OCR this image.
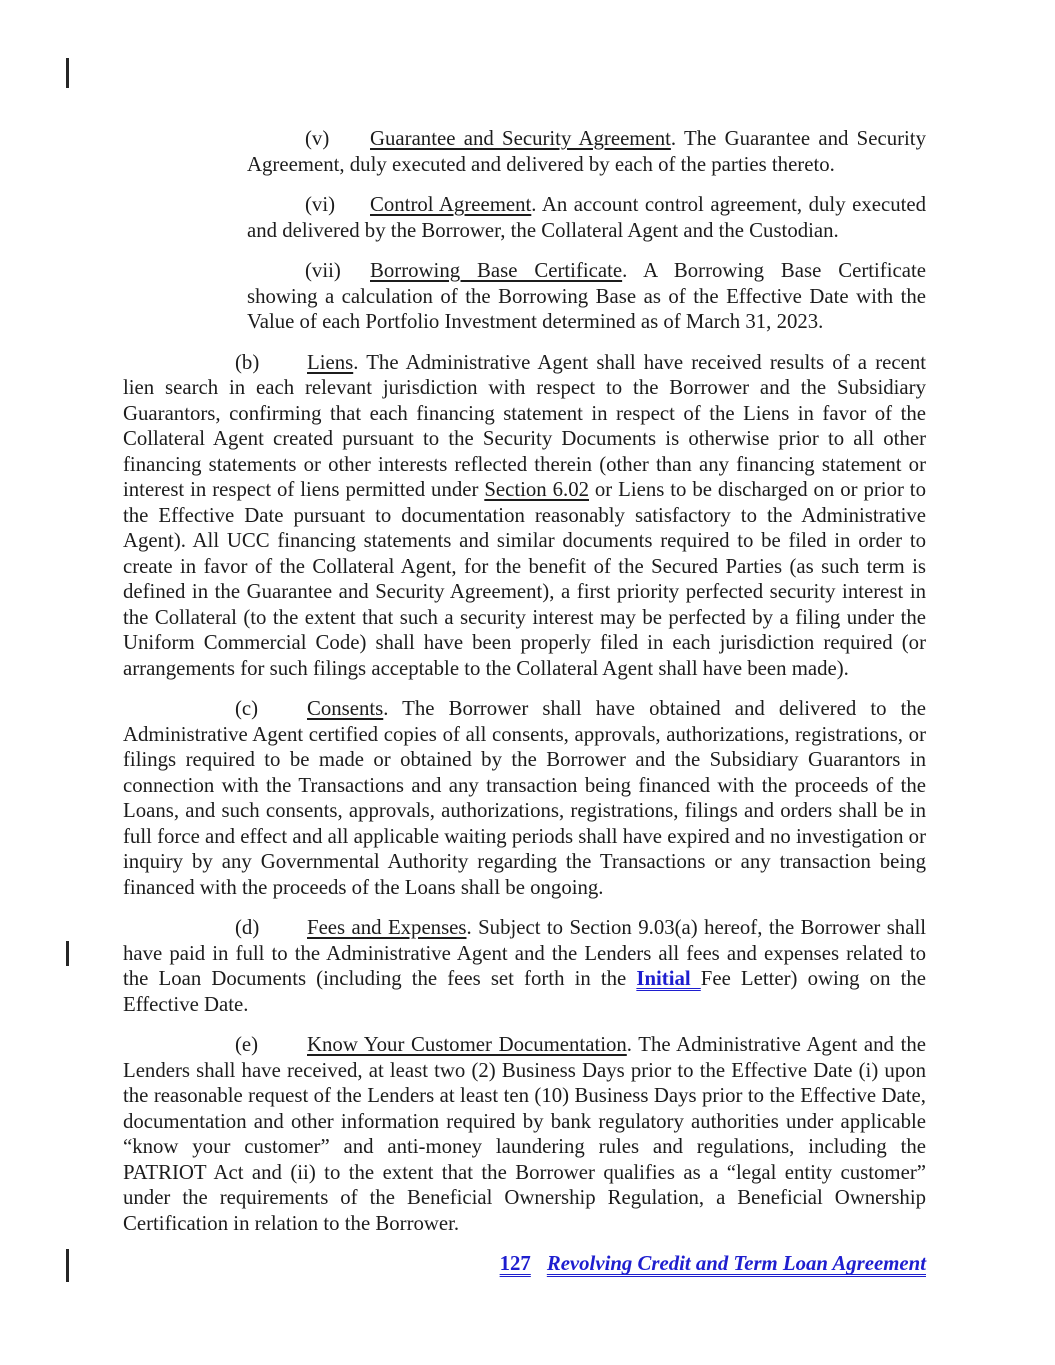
(v) Guarantee and Security Agreement. The Guarantee and Security Agreement, duly executed and delivered by each of the parties thereto.
(vi) Control Agreement. An account control agreement, duly executed and delivered by the Borrower, the Collateral Agent and the Custodian.
(vii) Borrowing Base Certificate. A Borrowing Base Certificate showing a calculation of the Borrowing Base as of the Effective Date with the Value of each Portfolio Investment determined as of March 31, 2023.
(b) Liens. The Administrative Agent shall have received results of a recent lien search in each relevant jurisdiction with respect to the Borrower and the Subsidiary Guarantors, confirming that each financing statement in respect of the Liens in favor of the Collateral Agent created pursuant to the Security Documents is otherwise prior to all other financing statements or other interests reflected therein (other than any financing statement or interest in respect of liens permitted under Section 6.02 or Liens to be discharged on or prior to the Effective Date pursuant to documentation reasonably satisfactory to the Administrative Agent). All UCC financing statements and similar documents required to be filed in order to create in favor of the Collateral Agent, for the benefit of the Secured Parties (as such term is defined in the Guarantee and Security Agreement), a first priority perfected security interest in the Collateral (to the extent that such a security interest may be perfected by a filing under the Uniform Commercial Code) shall have been properly filed in each jurisdiction required (or arrangements for such filings acceptable to the Collateral Agent shall have been made).
(c) Consents. The Borrower shall have obtained and delivered to the Administrative Agent certified copies of all consents, approvals, authorizations, registrations, or filings required to be made or obtained by the Borrower and the Subsidiary Guarantors in connection with the Transactions and any transaction being financed with the proceeds of the Loans, and such consents, approvals, authorizations, registrations, filings and orders shall be in full force and effect and all applicable waiting periods shall have expired and no investigation or inquiry by any Governmental Authority regarding the Transactions or any transaction being financed with the proceeds of the Loans shall be ongoing.
(d) Fees and Expenses. Subject to Section 9.03(a) hereof, the Borrower shall have paid in full to the Administrative Agent and the Lenders all fees and expenses related to the Loan Documents (including the fees set forth in the Initial Fee Letter) owing on the Effective Date.
(e) Know Your Customer Documentation. The Administrative Agent and the Lenders shall have received, at least two (2) Business Days prior to the Effective Date (i) upon the reasonable request of the Lenders at least ten (10) Business Days prior to the Effective Date, documentation and other information required by bank regulatory authorities under applicable “know your customer” and anti-money laundering rules and regulations, including the PATRIOT Act and (ii) to the extent that the Borrower qualifies as a “legal entity customer” under the requirements of the Beneficial Ownership Regulation, a Beneficial Ownership Certification in relation to the Borrower.
127 Revolving Credit and Term Loan Agreement
